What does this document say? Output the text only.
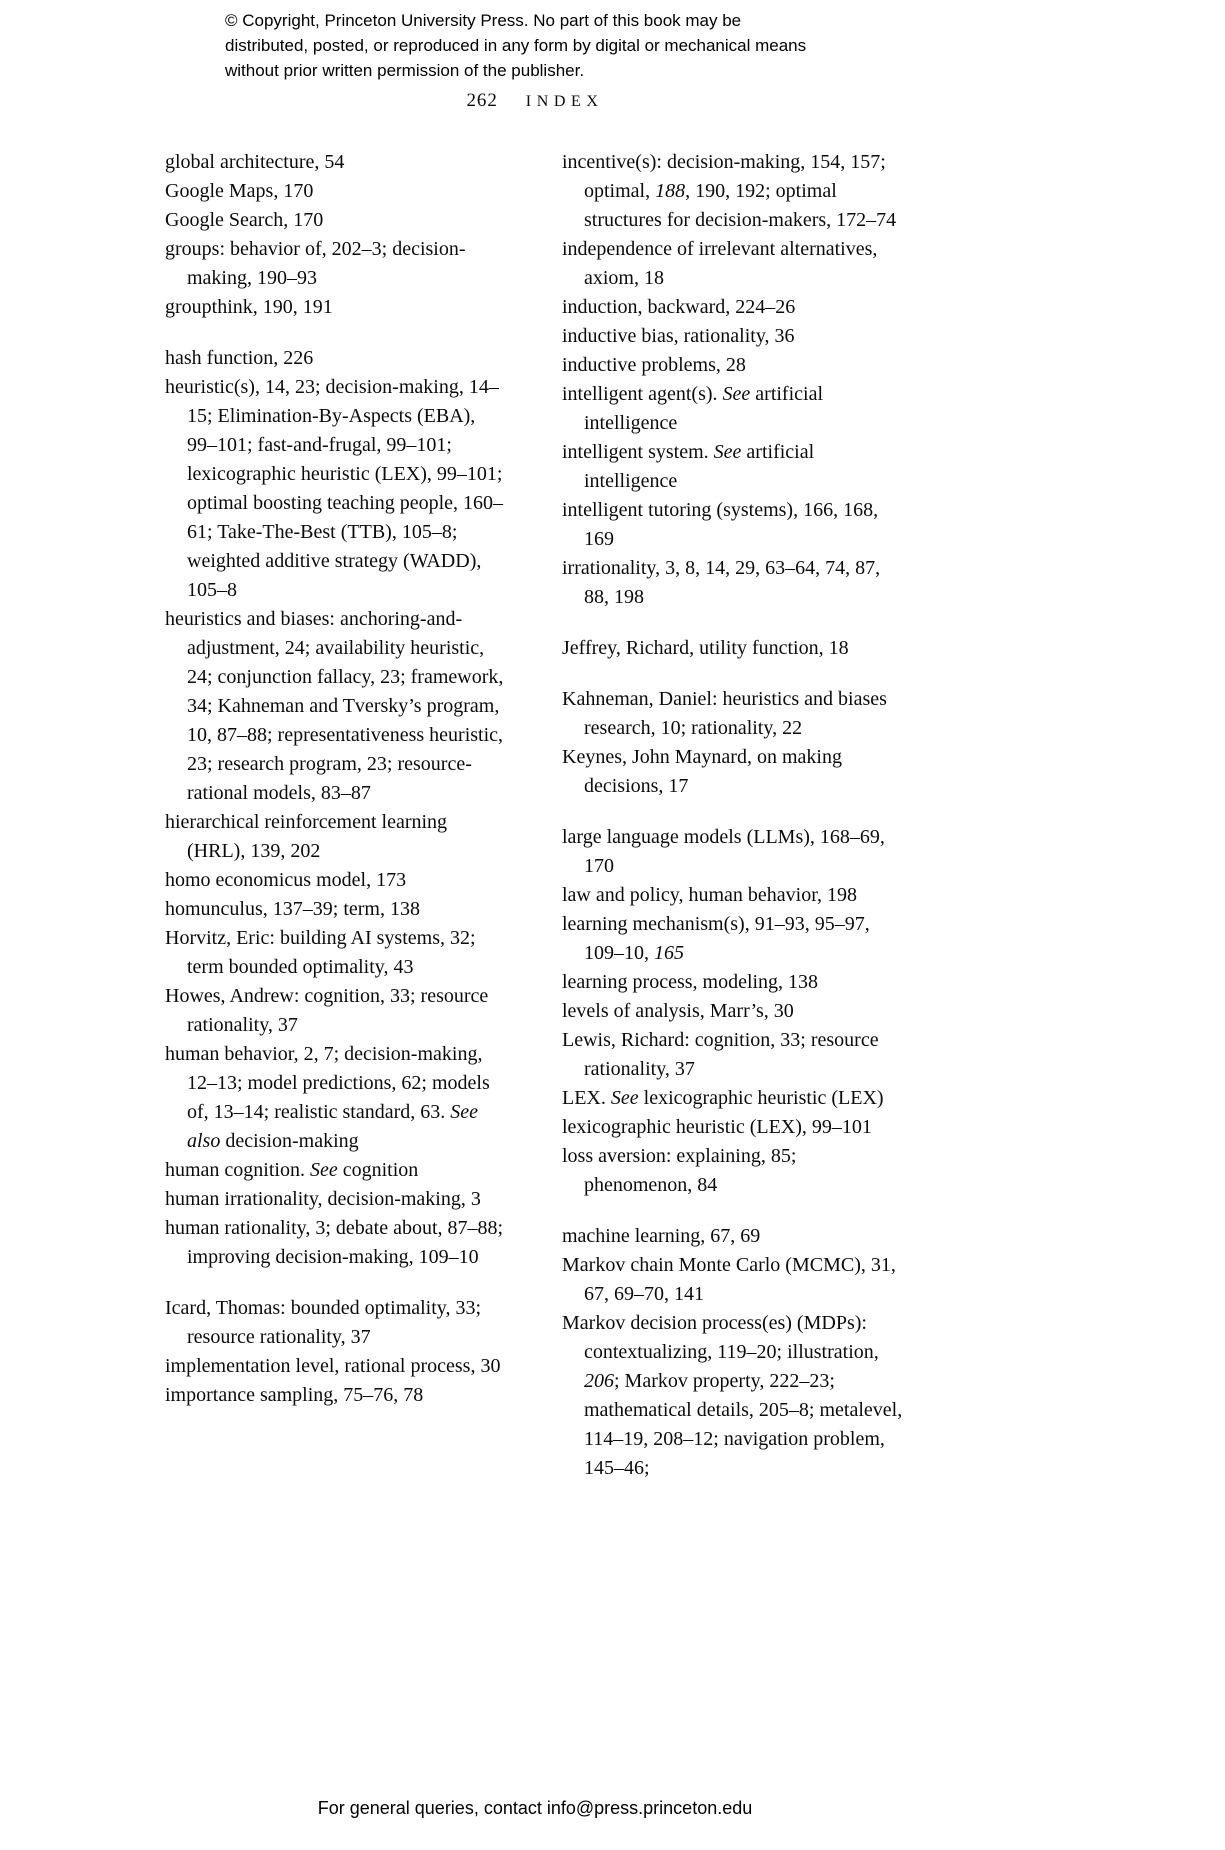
© Copyright, Princeton University Press. No part of this book may be distributed, posted, or reproduced in any form by digital or mechanical means without prior written permission of the publisher.

262 INDEX

global architecture, 54

Google Maps, 170

Google Search, 170

groups: behavior of, 202–3; decision-making, 190–93

groupthink, 190, 191

hash function, 226

heuristic(s), 14, 23; decision-making, 14–15; Elimination-By-Aspects (EBA), 99–101; fast-and-frugal, 99–101; lexicographic heuristic (LEX), 99–101; optimal boosting teaching people, 160–61; Take-The-Best (TTB), 105–8; weighted additive strategy (WADD), 105–8

heuristics and biases: anchoring-and-adjustment, 24; availability heuristic, 24; conjunction fallacy, 23; framework, 34; Kahneman and Tversky’s program, 10, 87–88; representativeness heuristic, 23; research program, 23; resource-rational models, 83–87

hierarchical reinforcement learning (HRL), 139, 202

homo economicus model, 173

homunculus, 137–39; term, 138

Horvitz, Eric: building AI systems, 32; term bounded optimality, 43

Howes, Andrew: cognition, 33; resource rationality, 37

human behavior, 2, 7; decision-making, 12–13; model predictions, 62; models of, 13–14; realistic standard, 63. See also decision-making

human cognition. See cognition

human irrationality, decision-making, 3

human rationality, 3; debate about, 87–88; improving decision-making, 109–10

Icard, Thomas: bounded optimality, 33; resource rationality, 37

implementation level, rational process, 30

importance sampling, 75–76, 78

incentive(s): decision-making, 154, 157; optimal, 188, 190, 192; optimal structures for decision-makers, 172–74

independence of irrelevant alternatives, axiom, 18

induction, backward, 224–26

inductive bias, rationality, 36

inductive problems, 28

intelligent agent(s). See artificial intelligence

intelligent system. See artificial intelligence

intelligent tutoring (systems), 166, 168, 169

irrationality, 3, 8, 14, 29, 63–64, 74, 87, 88, 198

Jeffrey, Richard, utility function, 18

Kahneman, Daniel: heuristics and biases research, 10; rationality, 22

Keynes, John Maynard, on making decisions, 17

large language models (LLMs), 168–69, 170

law and policy, human behavior, 198

learning mechanism(s), 91–93, 95–97, 109–10, 165

learning process, modeling, 138

levels of analysis, Marr’s, 30

Lewis, Richard: cognition, 33; resource rationality, 37

LEX. See lexicographic heuristic (LEX)

lexicographic heuristic (LEX), 99–101

loss aversion: explaining, 85; phenomenon, 84

machine learning, 67, 69

Markov chain Monte Carlo (MCMC), 31, 67, 69–70, 141

Markov decision process(es) (MDPs): contextualizing, 119–20; illustration, 206; Markov property, 222–23; mathematical details, 205–8; metalevel, 114–19, 208–12; navigation problem, 145–46;

For general queries, contact info@press.princeton.edu
